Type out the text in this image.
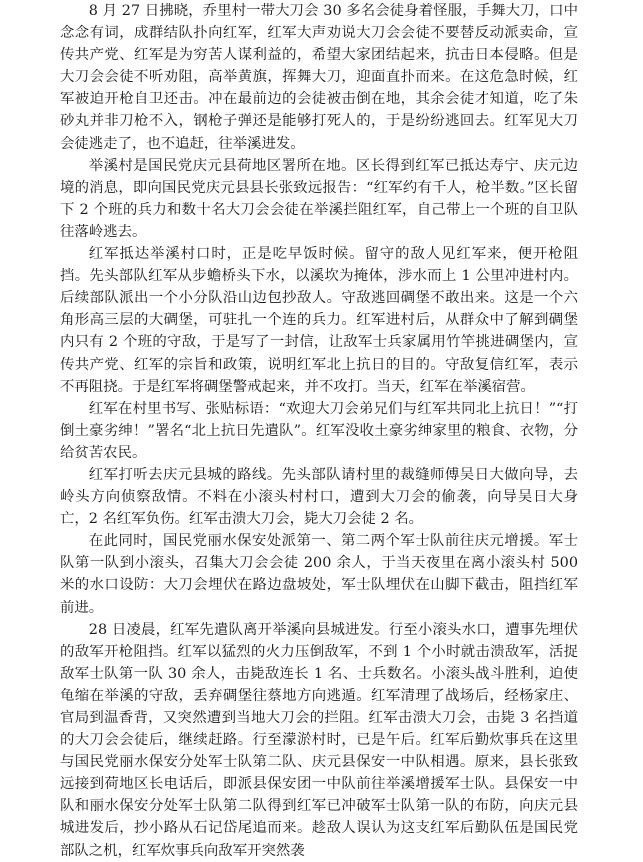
8 月 27 日拂晓，乔里村一带大刀会 30 多名会徒身着怪服，手舞大刀，口中念念有词，成群结队扑向红军，红军大声劝说大刀会会徒不要替反动派卖命，宣传共产党、红军是为穷苦人谋利益的，希望大家团结起来，抗击日本侵略。但是大刀会会徒不听劝阻，高举黄旗，挥舞大刀，迎面直扑而来。在这危急时候，红军被迫开枪自卫还击。冲在最前边的会徒被击倒在地，其余会徒才知道，吃了朱砂丸并非刀枪不入，钢枪子弹还是能够打死人的，于是纷纷逃回去。红军见大刀会徒逃走了，也不追赶，往举溪进发。

举溪村是国民党庆元县荷地区署所在地。区长得到红军已抵达寿宁、庆元边境的消息，即向国民党庆元县县长张致远报告：“红军约有千人，枪半数。”区长留下 2 个班的兵力和数十名大刀会会徒在举溪拦阻红军，自己带上一个班的自卫队往落岭逃去。

红军抵达举溪村口时，正是吃早饭时候。留守的敌人见红军来，便开枪阻挡。先头部队红军从步蟾桥头下水，以溪坎为掩体，涉水而上 1 公里冲进村内。后续部队派出一个小分队沿山边包抄敌人。守敌逃回碉堡不敢出来。这是一个六角形高三层的大碉堡，可驻扎一个连的兵力。红军进村后，从群众中了解到碉堡内只有 2 个班的守敌，于是写了一封信，让敌军士兵家属用竹竿挑进碉堡内，宣传共产党、红军的宗旨和政策，说明红军北上抗日的目的。守敌复信红军，表示不再阻挠。于是红军将碉堡警戒起来，并不攻打。当天，红军在举溪宿营。

红军在村里书写、张贴标语：“欢迎大刀会弟兄们与红军共同北上抗日！”“打倒土豪劣绅！”署名“北上抗日先遣队”。红军没收土豪劣绅家里的粮食、衣物，分给贫苦农民。

红军打听去庆元县城的路线。先头部队请村里的裁缝师傅吴日大做向导，去岭头方向侦察敌情。不料在小滚头村村口，遭到大刀会的偷袭，向导吴日大身亡，2 名红军负伤。红军击溃大刀会，毙大刀会徒 2 名。

在此同时，国民党丽水保安处派第一、第二两个军士队前往庆元增援。军士队第一队到小滚头，召集大刀会会徒 200 余人，于当天夜里在离小滚头村 500 米的水口设防：大刀会埋伏在路边盘坡处，军士队埋伏在山脚下截击，阻挡红军前进。

28 日凌晨，红军先遣队离开举溪向县城进发。行至小滚头水口，遭事先埋伏的敌军开枪阻挡。红军以猛烈的火力压倒敌军，不到 1 个小时就击溃敌军，活捉敌军士队第一队 30 余人，击毙敌连长 1 名、士兵数名。小滚头战斗胜利，迫使龟缩在举溪的守敌，丢弃碉堡往蔡地方向逃遁。红军清理了战场后，经杨家庄、官局到温香背，又突然遭到当地大刀会的拦阻。红军击溃大刀会，击毙 3 名挡道的大刀会会徒后，继续赶路。行至濛淤村时，已是午后。红军后勤炊事兵在这里与国民党丽水保安分处军士队第二队、庆元县保安一中队相遇。原来，县长张致远接到荷地区长电话后，即派县保安团一中队前往举溪增援军士队。县保安一中队和丽水保安分处军士队第二队得到红军已冲破军士队第一队的布防，向庆元县城进发后，抄小路从石记岱尾追而来。趁敌人误认为这支红军后勤队伍是国民党部队之机，红军炊事兵向敌军开突然袭
